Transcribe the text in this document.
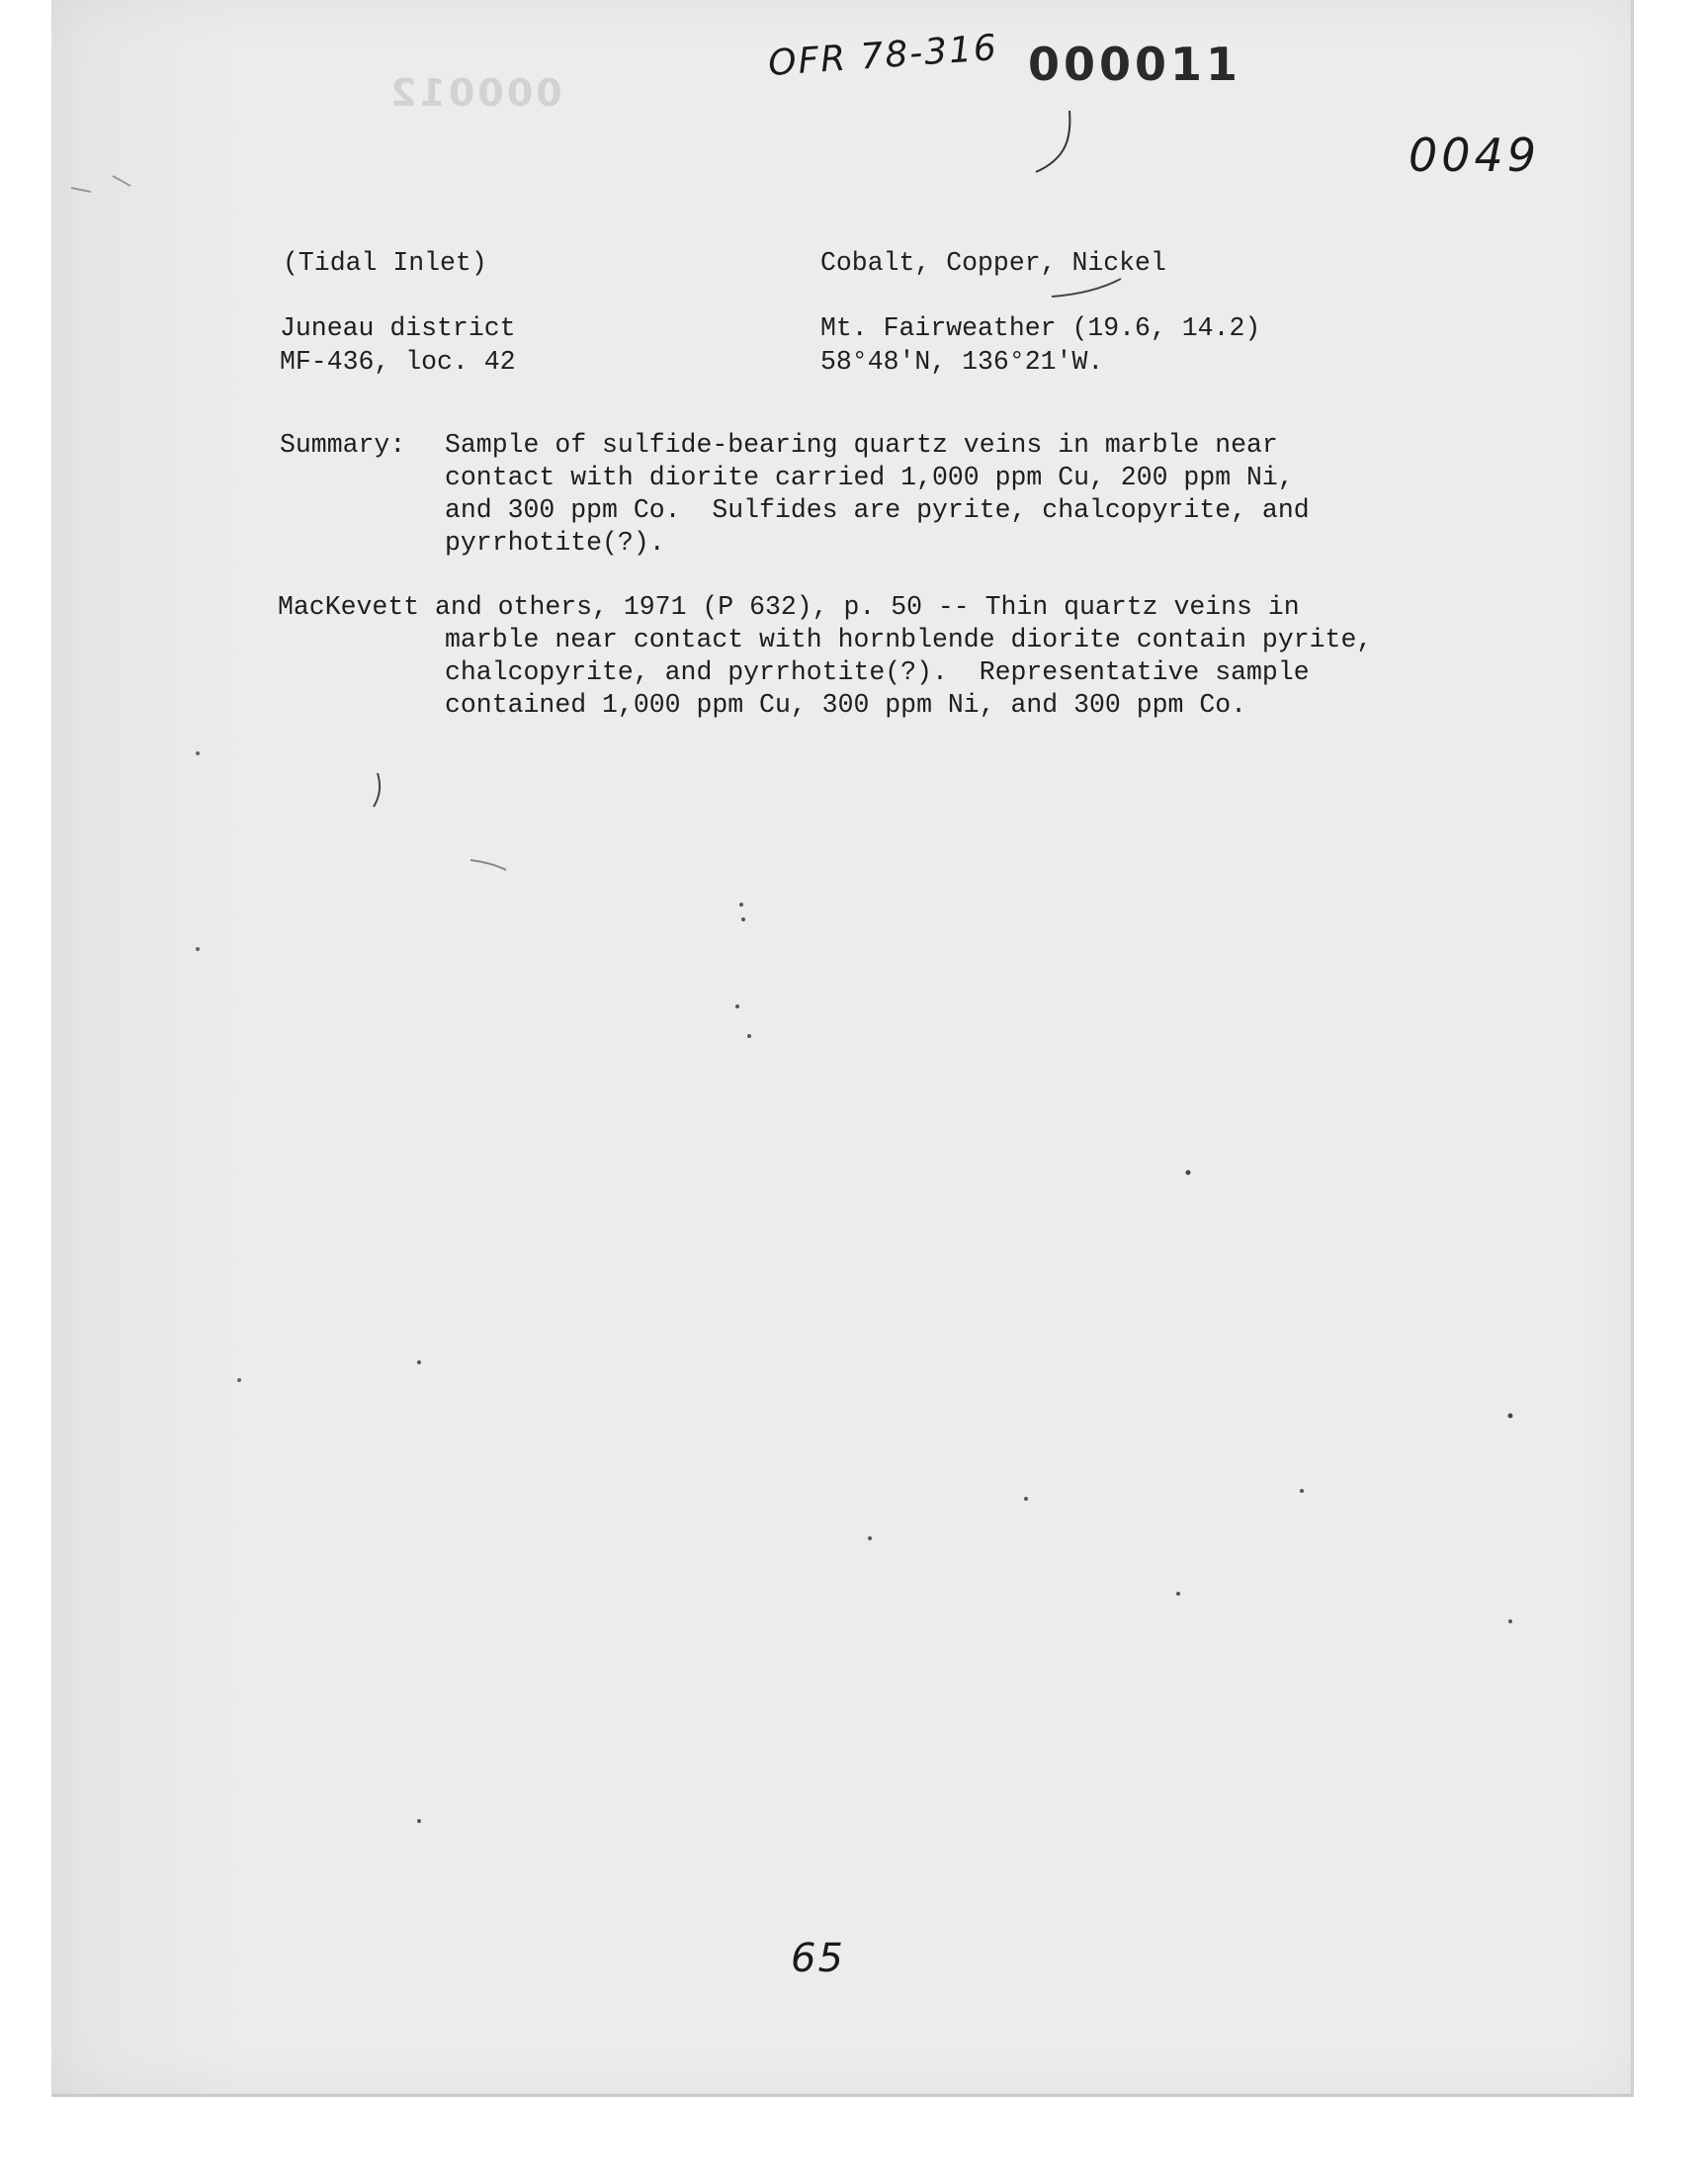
000012
OFR 78-316 000011
0049
(Tidal Inlet)	Cobalt, Copper, Nickel
Juneau district	Mt. Fairweather (19.6, 14.2)
MF-436, loc. 42	58°48'N, 136°21'W.
Summary: Sample of sulfide-bearing quartz veins in marble near
contact with diorite carried 1,000 ppm Cu, 200 ppm Ni,
and 300 ppm Co.  Sulfides are pyrite, chalcopyrite, and
pyrrhotite(?).
MacKevett and others, 1971 (P 632), p. 50 -- Thin quartz veins in
marble near contact with hornblende diorite contain pyrite,
chalcopyrite, and pyrrhotite(?).  Representative sample
contained 1,000 ppm Cu, 300 ppm Ni, and 300 ppm Co.
65
